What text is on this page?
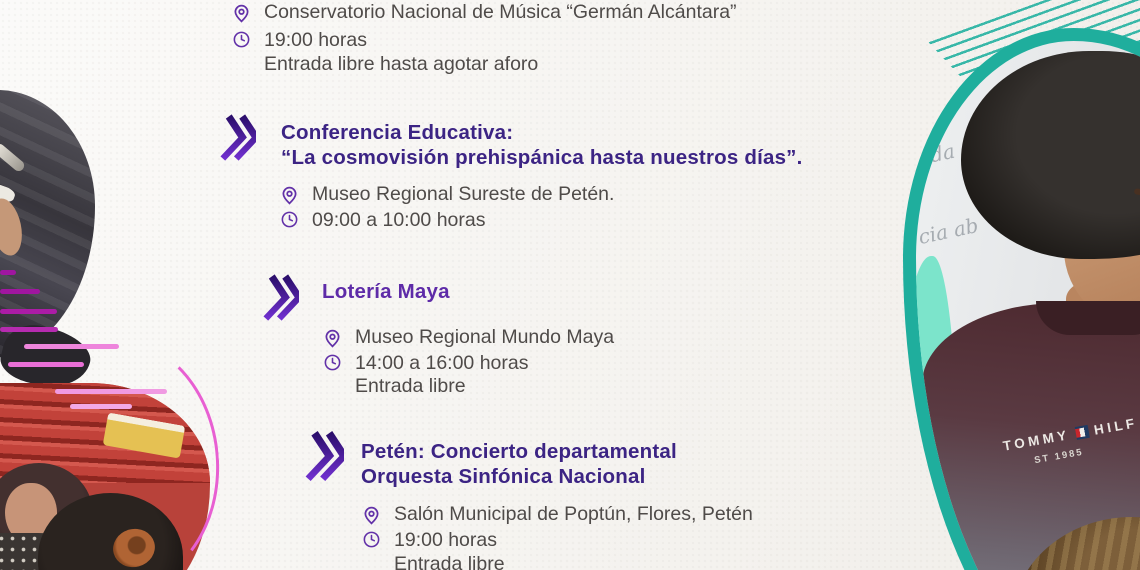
da
cia ab
TOMMY
HILF
ST 1985
Conservatorio Nacional de Música “Germán Alcántara”
19:00 horas
Entrada libre hasta agotar aforo
Conferencia Educativa:
“La cosmovisión prehispánica hasta nuestros días”.
Museo Regional Sureste de Petén.
09:00 a 10:00 horas
Lotería Maya
Museo Regional Mundo Maya
14:00 a 16:00 horas
Entrada libre
Petén: Concierto departamental
Orquesta Sinfónica Nacional
Salón Municipal de Poptún, Flores, Petén
19:00 horas
Entrada libre
